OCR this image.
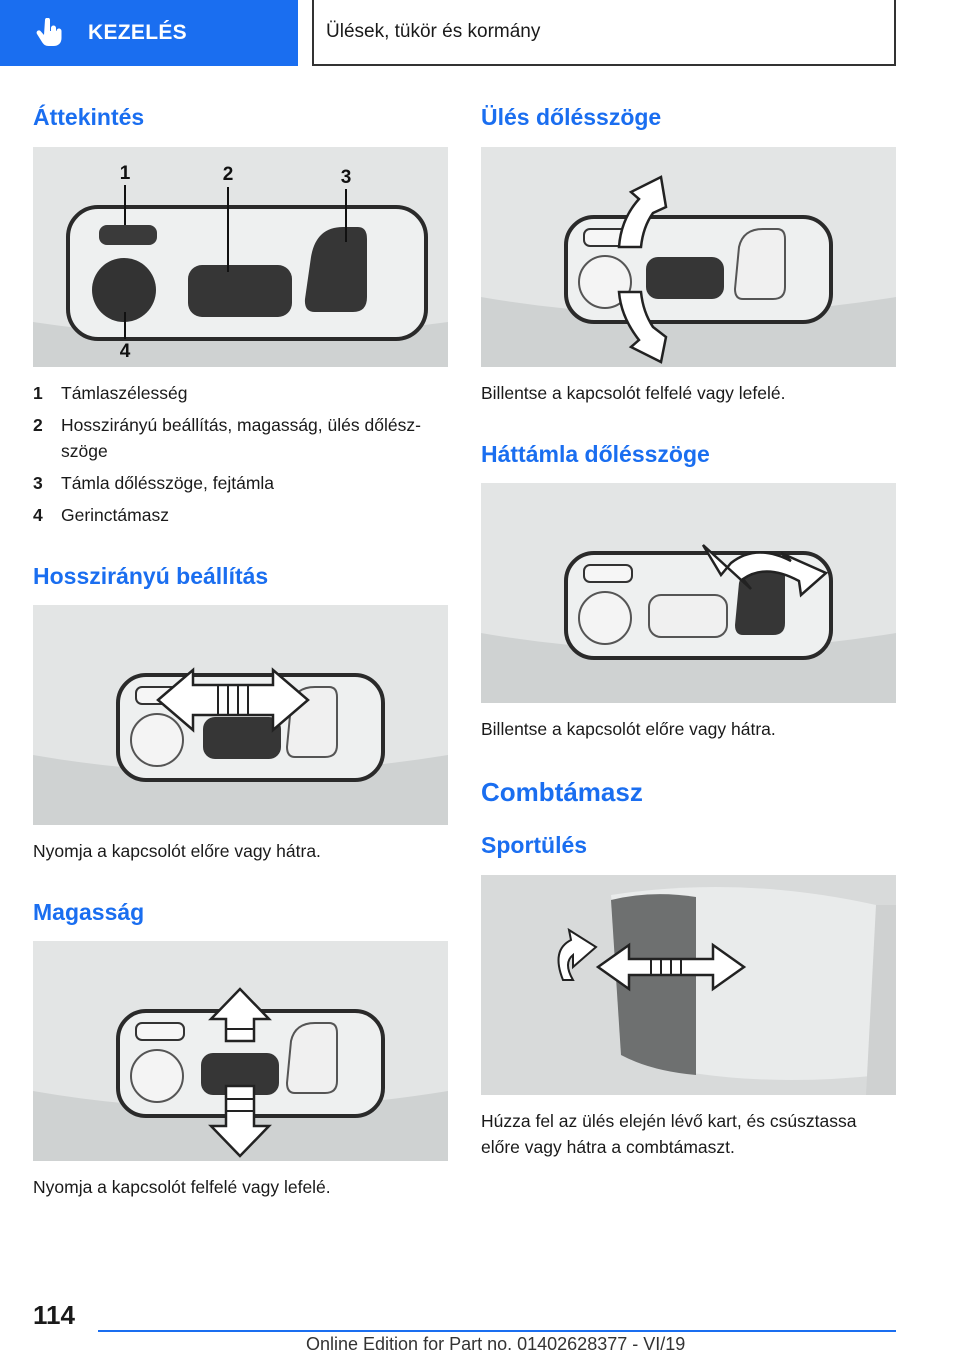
KEZELÉS	Ülések, tükör és kormány
Áttekintés
1	2	3
4
1	Támlaszélesség
2	Hosszirányú beállítás, magasság, ülés dőlész-szöge
3	Támla dőlésszöge, fejtámla
4	Gerinctámasz
Hosszirányú beállítás
Nyomja a kapcsolót előre vagy hátra.
Magasság
Nyomja a kapcsolót felfelé vagy lefelé.
Ülés dőlésszöge
Billentse a kapcsolót felfelé vagy lefelé.
Háttámla dőlésszöge
Billentse a kapcsolót előre vagy hátra.
Combtámasz
Sportülés
Húzza fel az ülés elején lévő kart, és csúsztassa előre vagy hátra a combtámaszt.
114
Online Edition for Part no. 01402628377 - VI/19
